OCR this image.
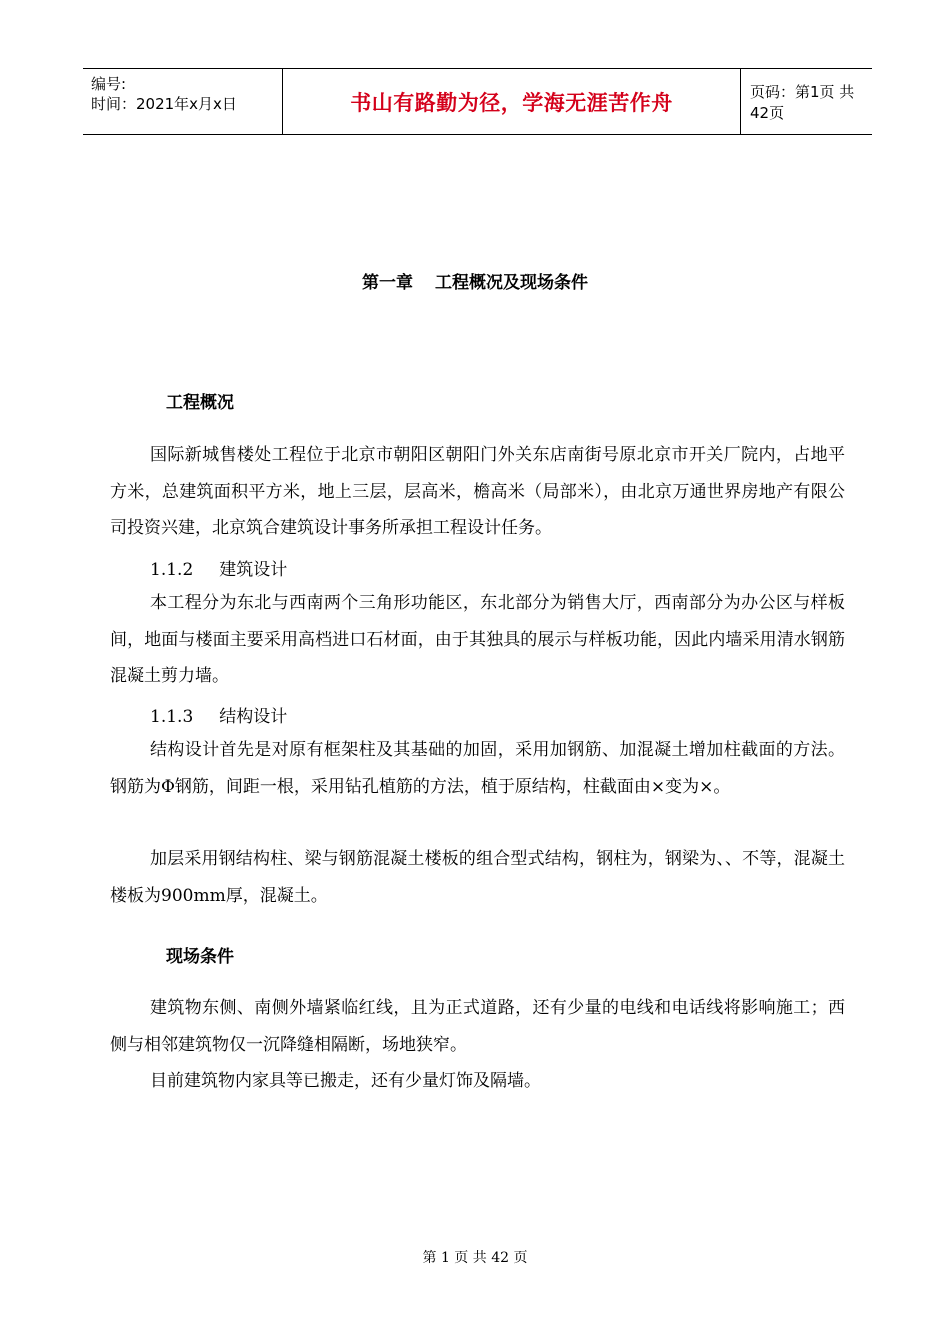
编号:
时间：2021年x月x日	书山有路勤为径，学海无涯苦作舟	页码：第1页 共42页
第一章 工程概况及现场条件
工程概况

国际新城售楼处工程位于北京市朝阳区朝阳门外关东店南街号原北京市开关厂院内，占地平方米，总建筑面积平方米，地上三层，层高米，檐高米（局部米），由北京万通世界房地产有限公司投资兴建，北京筑合建筑设计事务所承担工程设计任务。

1.1.2 建筑设计

本工程分为东北与西南两个三角形功能区，东北部分为销售大厅，西南部分为办公区与样板间，地面与楼面主要采用高档进口石材面，由于其独具的展示与样板功能，因此内墙采用清水钢筋混凝土剪力墙。

1.1.3 结构设计

结构设计首先是对原有框架柱及其基础的加固，采用加钢筋、加混凝土增加柱截面的方法。钢筋为Φ钢筋，间距一根，采用钻孔植筋的方法，植于原结构，柱截面由×变为×。

加层采用钢结构柱、梁与钢筋混凝土楼板的组合型式结构，钢柱为，钢梁为、、不等，混凝土楼板为900mm厚，混凝土。

现场条件

建筑物东侧、南侧外墙紧临红线，且为正式道路，还有少量的电线和电话线将影响施工；西侧与相邻建筑物仅一沉降缝相隔断，场地狭窄。

目前建筑物内家具等已搬走，还有少量灯饰及隔墙。

第 1 页 共 42 页
